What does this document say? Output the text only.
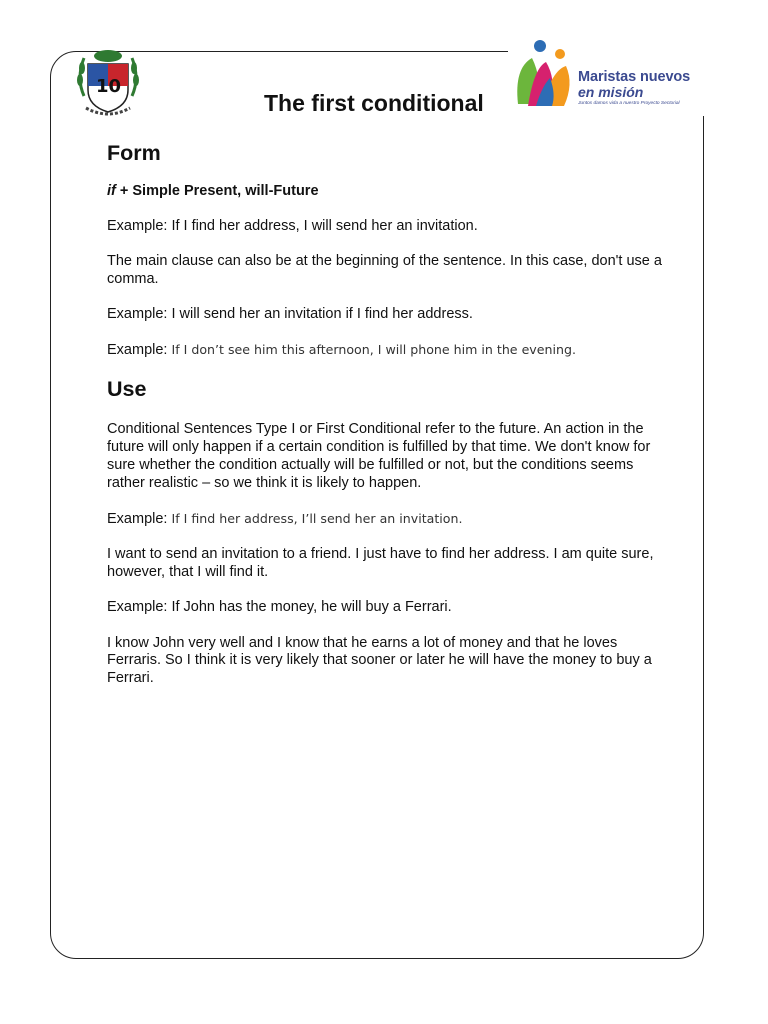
10	Maristas nuevos
en misión
Juntos damos vida a nuestro Proyecto Sectorial
The first conditional
Form

if + Simple Present, will-Future

Example: If I find her address, I will send her an invitation.

The main clause can also be at the beginning of the sentence. In this case, don't use a comma.

Example: I will send her an invitation if I find her address.

Example: If I don’t see him this afternoon, I will phone him in the evening.

Use

Conditional Sentences Type I or First Conditional refer to the future. An action in the future will only happen if a certain condition is fulfilled by that time. We don't know for sure whether the condition actually will be fulfilled or not, but the conditions seems rather realistic – so we think it is likely to happen.

Example: If I find her address, I’ll send her an invitation.

I want to send an invitation to a friend. I just have to find her address. I am quite sure, however, that I will find it.

Example: If John has the money, he will buy a Ferrari.

I know John very well and I know that he earns a lot of money and that he loves Ferraris. So I think it is very likely that sooner or later he will have the money to buy a Ferrari.
